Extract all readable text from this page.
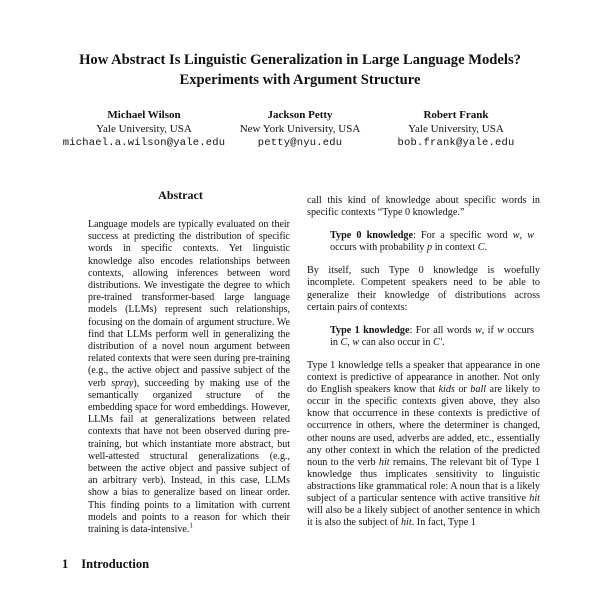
How Abstract Is Linguistic Generalization in Large Language Models?
Experiments with Argument Structure
Michael Wilson
Yale University, USA
michael.a.wilson@yale.edu
Jackson Petty
New York University, USA
petty@nyu.edu
Robert Frank
Yale University, USA
bob.frank@yale.edu
Abstract

Language models are typically evaluated on their success at predicting the distribution of specific words in specific contexts. Yet linguistic knowledge also encodes relationships between contexts, allowing inferences between word distributions. We investigate the degree to which pre-trained transformer-based large language models (LLMs) represent such relationships, focusing on the domain of argument structure. We find that LLMs perform well in generalizing the distribution of a novel noun argument between related contexts that were seen during pre-training (e.g., the active object and passive subject of the verb spray), succeeding by making use of the semantically organized structure of the embedding space for word embeddings. However, LLMs fail at generalizations between related contexts that have not been observed during pre-training, but which instantiate more abstract, but well-attested structural generalizations (e.g., between the active object and passive subject of an arbitrary verb). Instead, in this case, LLMs show a bias to generalize based on linear order. This finding points to a limitation with current models and points to a reason for which their training is data-intensive.$^1$

1 Introduction

call this kind of knowledge about specific words in specific contexts “Type 0 knowledge.”

Type 0 knowledge: For a specific word w, w occurs with probability p in context C.

By itself, such Type 0 knowledge is woefully incomplete. Competent speakers need to be able to generalize their knowledge of distributions across certain pairs of contexts:

Type 1 knowledge: For all words w, if w occurs in C, w can also occur in C′.

Type 1 knowledge tells a speaker that appearance in one context is predictive of appearance in another. Not only do English speakers know that kids or ball are likely to occur in the specific contexts given above, they also know that occurrence in these contexts is predictive of occurrence in others, where the determiner is changed, other nouns are used, adverbs are added, etc., essentially any other context in which the relation of the predicted noun to the verb hit remains. The relevant bit of Type 1 knowledge thus implicates sensitivity to linguistic abstractions like grammatical role: A noun that is a likely subject of a particular sentence with active transitive hit will also be a likely subject of another sentence in which it is also the subject of hit. In fact, Type 1
